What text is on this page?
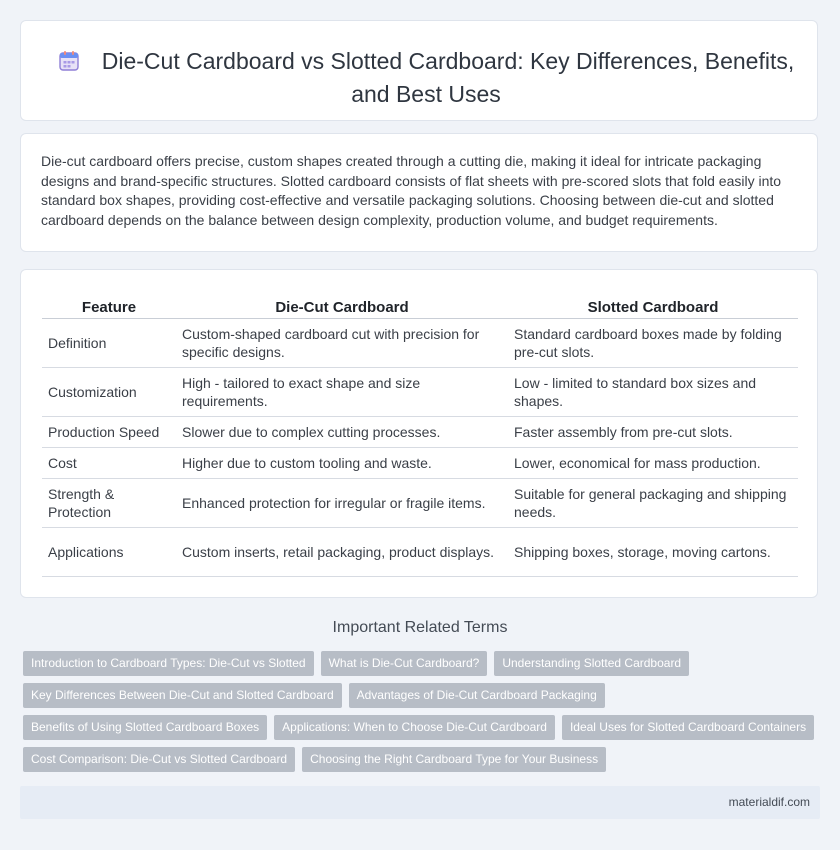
Die-Cut Cardboard vs Slotted Cardboard: Key Differences, Benefits, and Best Uses
Die-cut cardboard offers precise, custom shapes created through a cutting die, making it ideal for intricate packaging designs and brand-specific structures. Slotted cardboard consists of flat sheets with pre-scored slots that fold easily into standard box shapes, providing cost-effective and versatile packaging solutions. Choosing between die-cut and slotted cardboard depends on the balance between design complexity, production volume, and budget requirements.
Feature	Die-Cut Cardboard	Slotted Cardboard
Definition	Custom-shaped cardboard cut with precision for specific designs.	Standard cardboard boxes made by folding pre-cut slots.
Customization	High - tailored to exact shape and size requirements.	Low - limited to standard box sizes and shapes.
Production Speed	Slower due to complex cutting processes.	Faster assembly from pre-cut slots.
Cost	Higher due to custom tooling and waste.	Lower, economical for mass production.
Strength & Protection	Enhanced protection for irregular or fragile items.	Suitable for general packaging and shipping needs.
Applications	Custom inserts, retail packaging, product displays.	Shipping boxes, storage, moving cartons.
Important Related Terms
Introduction to Cardboard Types: Die-Cut vs Slotted	What is Die-Cut Cardboard?	Understanding Slotted Cardboard
Key Differences Between Die-Cut and Slotted Cardboard	Advantages of Die-Cut Cardboard Packaging
Benefits of Using Slotted Cardboard Boxes	Applications: When to Choose Die-Cut Cardboard	Ideal Uses for Slotted Cardboard Containers
Cost Comparison: Die-Cut vs Slotted Cardboard	Choosing the Right Cardboard Type for Your Business
materialdif.com
